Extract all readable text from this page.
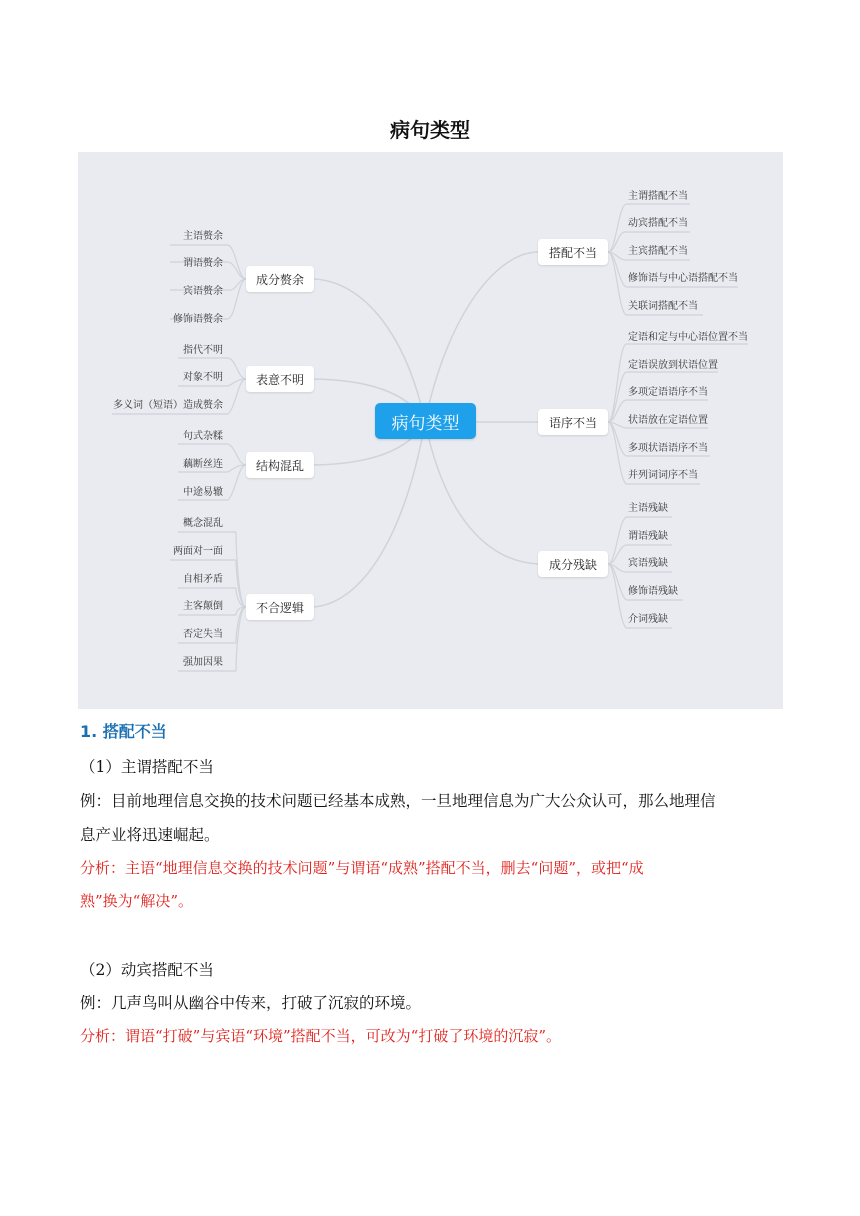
病句类型
病句类型
成分赘余
主语赘余
谓语赘余
宾语赘余
修饰语赘余
表意不明
指代不明
对象不明
多义词（短语）造成赘余
结构混乱
句式杂糅
藕断丝连
中途易辙
不合逻辑
概念混乱
两面对一面
自相矛盾
主客颠倒
否定失当
强加因果
搭配不当
主谓搭配不当
动宾搭配不当
主宾搭配不当
修饰语与中心语搭配不当
关联词搭配不当
语序不当
定语和定与中心语位置不当
定语误放到状语位置
多项定语语序不当
状语放在定语位置
多项状语语序不当
并列词词序不当
成分残缺
主语残缺
谓语残缺
宾语残缺
修饰语残缺
介词残缺
1. 搭配不当
（1）主谓搭配不当
例：目前地理信息交换的技术问题已经基本成熟，一旦地理信息为广大公众认可，那么地理信
息产业将迅速崛起。
分析：主语“地理信息交换的技术问题”与谓语“成熟”搭配不当，删去“问题”，或把“成
熟”换为“解决”。
（2）动宾搭配不当
例：几声鸟叫从幽谷中传来，打破了沉寂的环境。
分析：谓语“打破”与宾语“环境”搭配不当，可改为“打破了环境的沉寂”。
